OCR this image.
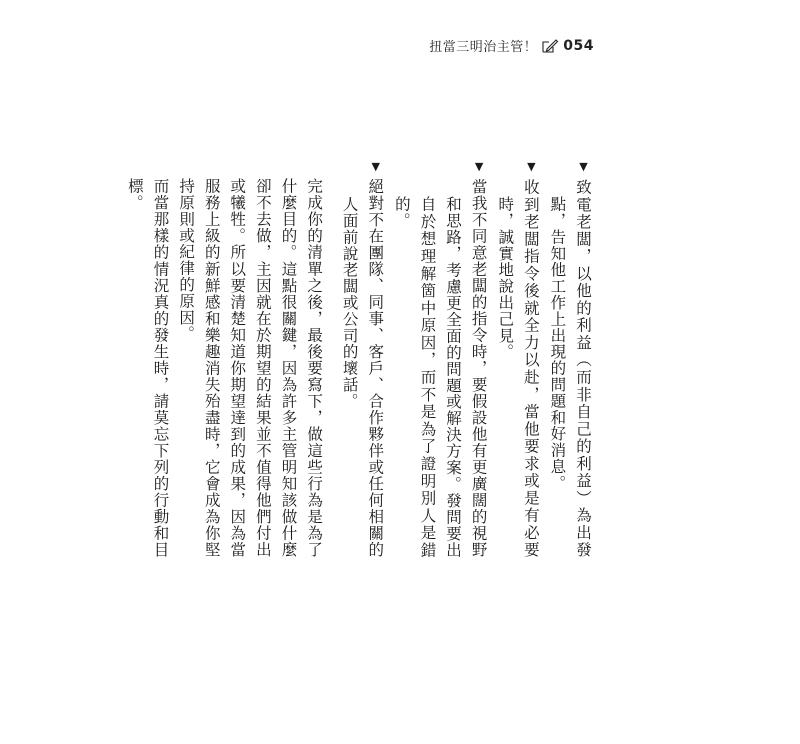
扭當三明治主管！ 054

▼致電老闆，以他的利益（而非自己的利益）為出發點，告知他工作上出現的問題和好消息。

▼收到老闆指令後就全力以赴，當他要求或是有必要時，誠實地說出己見。

▼當我不同意老闆的指令時，要假設他有更廣闊的視野和思路，考慮更全面的問題或解決方案。發問要出自於想理解箇中原因，而不是為了證明別人是錯的。

▼絕對不在團隊、同事、客戶、合作夥伴或任何相關的人面前說老闆或公司的壞話。

完成你的清單之後，最後要寫下，做這些行為是為了什麼目的。這點很關鍵，因為許多主管明知該做什麼卻不去做，主因就在於期望的結果並不值得他們付出或犧牲。所以要清楚知道你期望達到的成果，因為當服務上級的新鮮感和樂趣消失殆盡時，它會成為你堅持原則或紀律的原因。

而當那樣的情況真的發生時，請莫忘下列的行動和目標。
